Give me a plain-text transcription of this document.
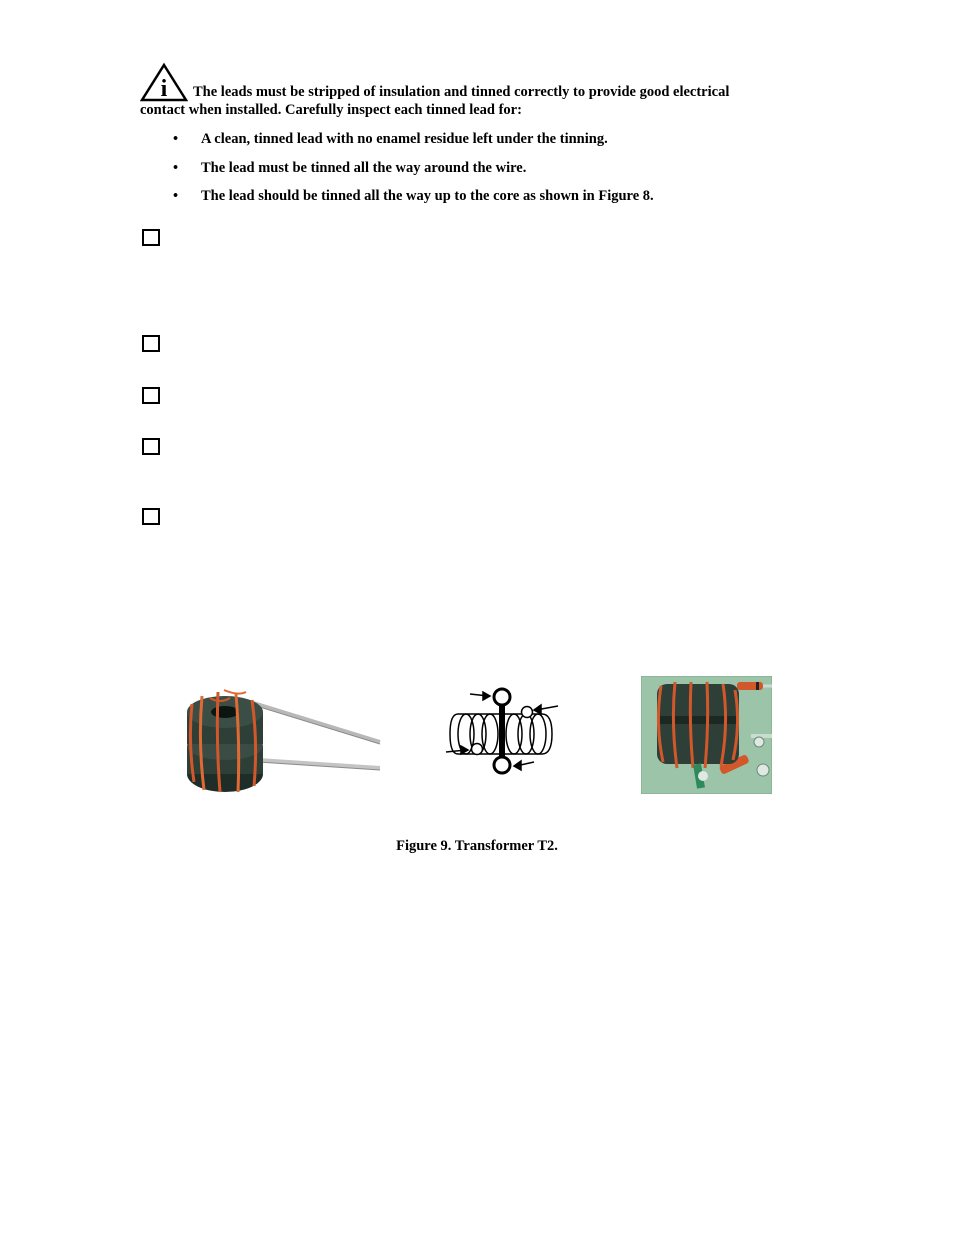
i The leads must be stripped of insulation and tinned correctly to provide good electrical
contact when installed. Carefully inspect each tinned lead for:
• A clean, tinned lead with no enamel residue left under the tinning.
• The lead must be tinned all the way around the wire.
• The lead should be tinned all the way up to the core as shown in Figure 8.
Figure 9. Transformer T2.
